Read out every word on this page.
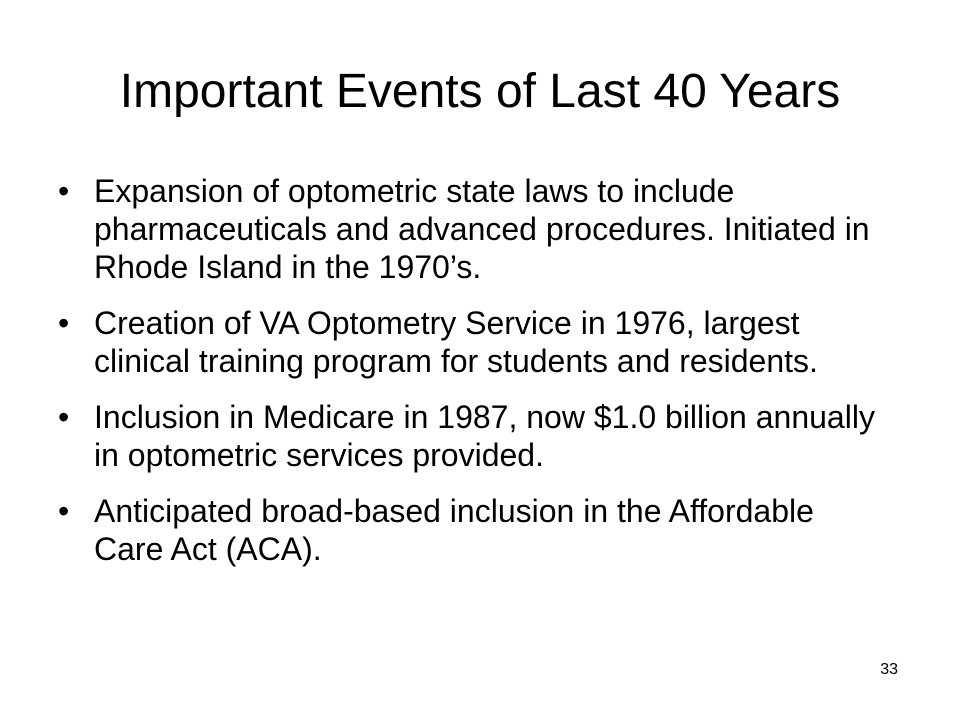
Important Events of Last 40 Years
• Expansion of optometric state laws to include pharmaceuticals and advanced procedures. Initiated in Rhode Island in the 1970’s.
• Creation of VA Optometry Service in 1976, largest clinical training program for students and residents.
• Inclusion in Medicare in 1987, now $1.0 billion annually in optometric services provided.
• Anticipated broad-based inclusion in the Affordable Care Act (ACA).
33
